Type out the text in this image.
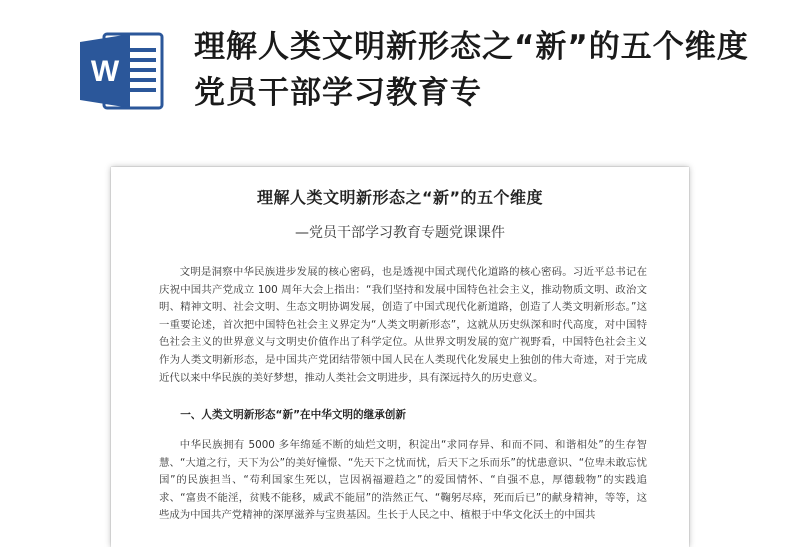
W
理解人类文明新形态之“新”的五个维度 党员干部学习教育专
理解人类文明新形态之“新”的五个维度
—党员干部学习教育专题党课课件

文明是洞察中华民族进步发展的核心密码，也是透视中国式现代化道路的核心密码。习近平总书记在庆祝中国共产党成立 100 周年大会上指出：“我们坚持和发展中国特色社会主义，推动物质文明、政治文明、精神文明、社会文明、生态文明协调发展，创造了中国式现代化新道路，创造了人类文明新形态。”这一重要论述，首次把中国特色社会主义界定为“人类文明新形态”，这就从历史纵深和时代高度，对中国特色社会主义的世界意义与文明史价值作出了科学定位。从世界文明发展的宽广视野看，中国特色社会主义作为人类文明新形态，是中国共产党团结带领中国人民在人类现代化发展史上独创的伟大奇迹，对于完成近代以来中华民族的美好梦想，推动人类社会文明进步，具有深远持久的历史意义。

一、人类文明新形态“新”在中华文明的继承创新

中华民族拥有 5000 多年绵延不断的灿烂文明，积淀出“求同存异、和而不同、和谐相处”的生存智慧、“大道之行，天下为公”的美好憧憬、“先天下之忧而忧，后天下之乐而乐”的忧患意识、“位卑未敢忘忧国”的民族担当、“苟利国家生死以，岂因祸福避趋之”的爱国情怀、“自强不息，厚德载物”的实践追求、“富贵不能淫，贫贱不能移，威武不能屈”的浩然正气、“鞠躬尽瘁，死而后已”的献身精神，等等，这些成为中国共产党精神的深厚滋养与宝贵基因。生长于人民之中、植根于中华文化沃土的中国共
